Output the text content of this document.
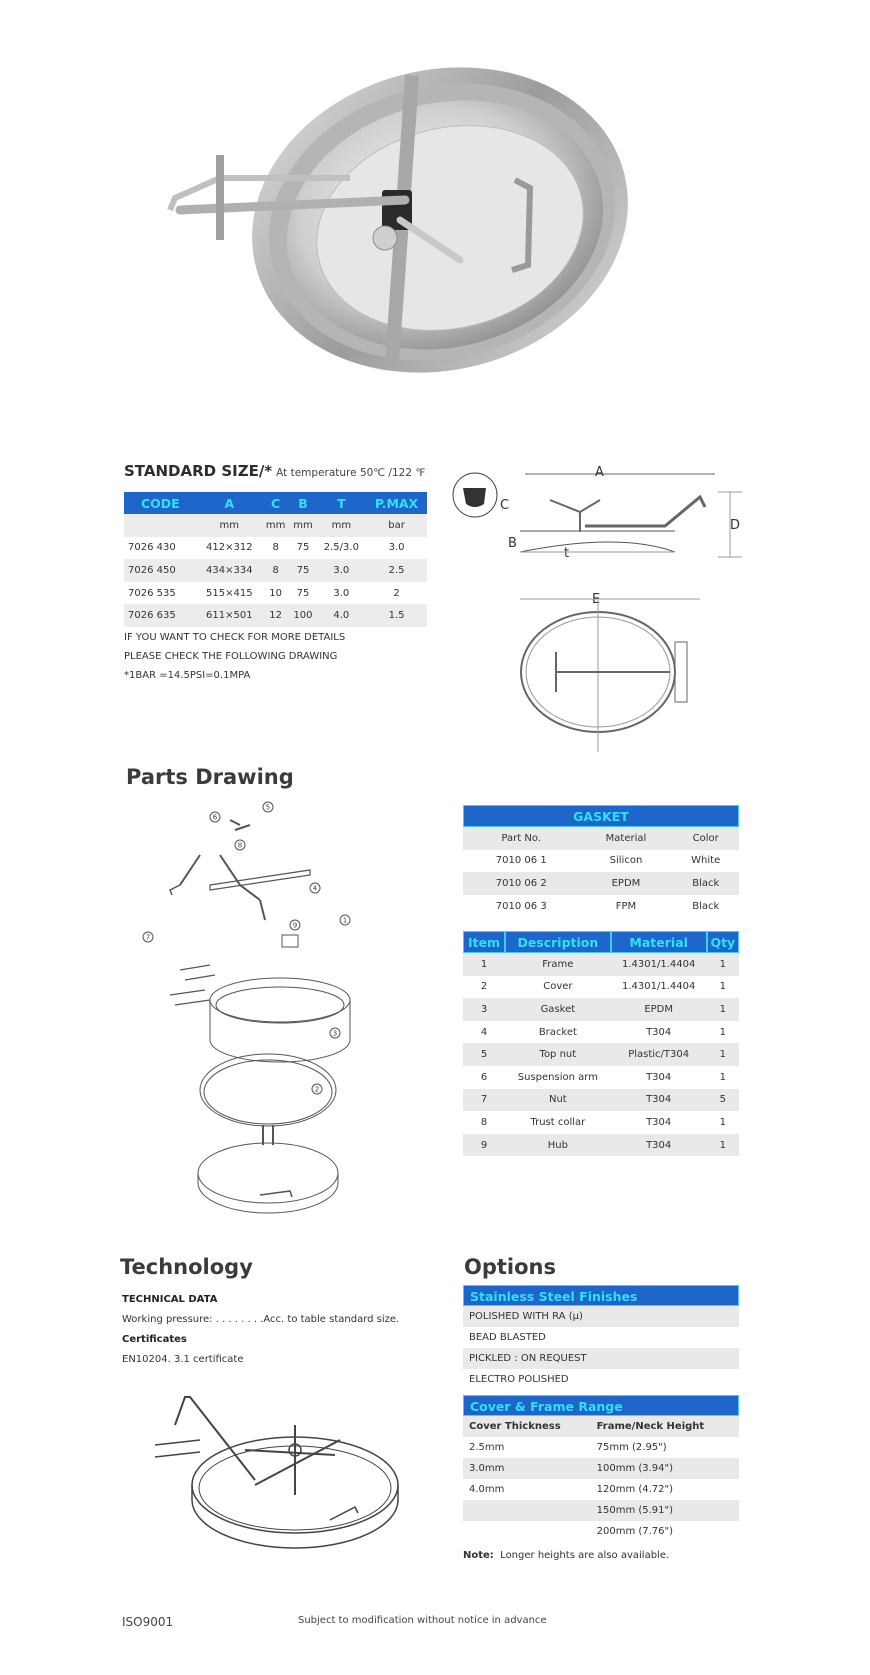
STANDARD SIZE/* At temperature 50℃ /122 ℉
CODE	A	C	B	T	P.MAX
	mm	mm	mm	mm	bar
7026 430	412×312	8	75	2.5/3.0	3.0
7026 450	434×334	8	75	3.0	2.5
7026 535	515×415	10	75	3.0	2
7026 635	611×501	12	100	4.0	1.5
IF YOU WANT TO CHECK FOR MORE DETAILS
PLEASE CHECK THE FOLLOWING DRAWING
*1BAR =14.5PSI=0.1MPA
A
C
B
D
t
E
Parts Drawing
1
3
2
4
5
6
7
8
9
GASKET		
Part No.	Material	Color
7010 06 1	Silicon	White
7010 06 2	EPDM	Black
7010 06 3	FPM	Black
Item	Description	Material	Qty
1	Frame	1.4301/1.4404	1
2	Cover	1.4301/1.4404	1
3	Gasket	EPDM	1
4	Bracket	T304	1
5	Top nut	Plastic/T304	1
6	Suspension arm	T304	1
7	Nut	T304	5
8	Trust collar	T304	1
9	Hub	T304	1
Technology
TECHNICAL DATA
Working pressure: . . . . . . . .Acc. to table standard size.
Certificates
EN10204. 3.1 certificate
Options
Stainless Steel Finishes
POLISHED WITH RA (μ)
BEAD BLASTED
PICKLED : ON REQUEST
ELECTRO POLISHED
Cover & Frame Range
Cover Thickness	Frame/Neck Height
2.5mm	75mm (2.95")
3.0mm	100mm (3.94")
4.0mm	120mm (4.72")
	150mm (5.91")
	200mm (7.76")
Note: Longer heights are also available.
ISO9001	Subject to modification without notice in advance
